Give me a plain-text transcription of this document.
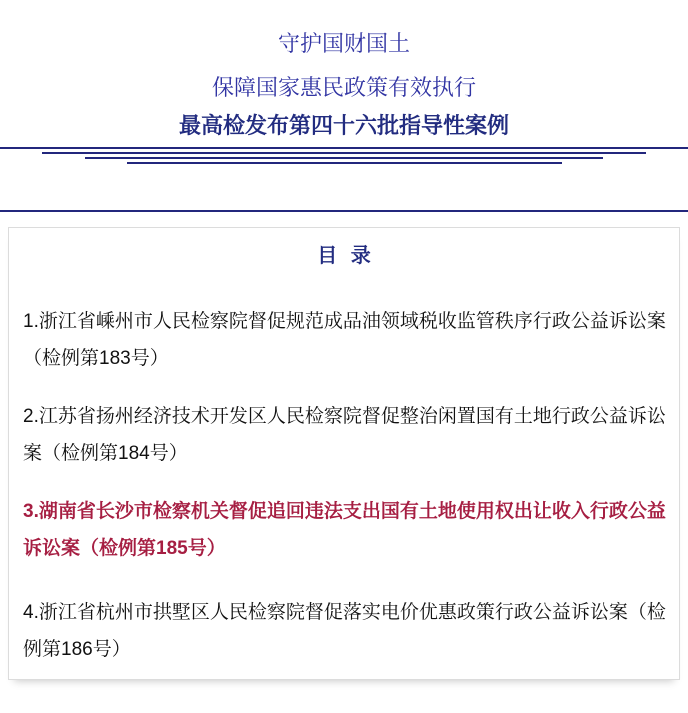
守护国财国土
保障国家惠民政策有效执行
最高检发布第四十六批指导性案例
目 录
1.浙江省嵊州市人民检察院督促规范成品油领域税收监管秩序行政公益诉讼案
（检例第183号）
2.江苏省扬州经济技术开发区人民检察院督促整治闲置国有土地行政公益诉讼
案（检例第184号）
3.湖南省长沙市检察机关督促追回违法支出国有土地使用权出让收入行政公益
诉讼案（检例第185号）
4.浙江省杭州市拱墅区人民检察院督促落实电价优惠政策行政公益诉讼案（检
例第186号）
